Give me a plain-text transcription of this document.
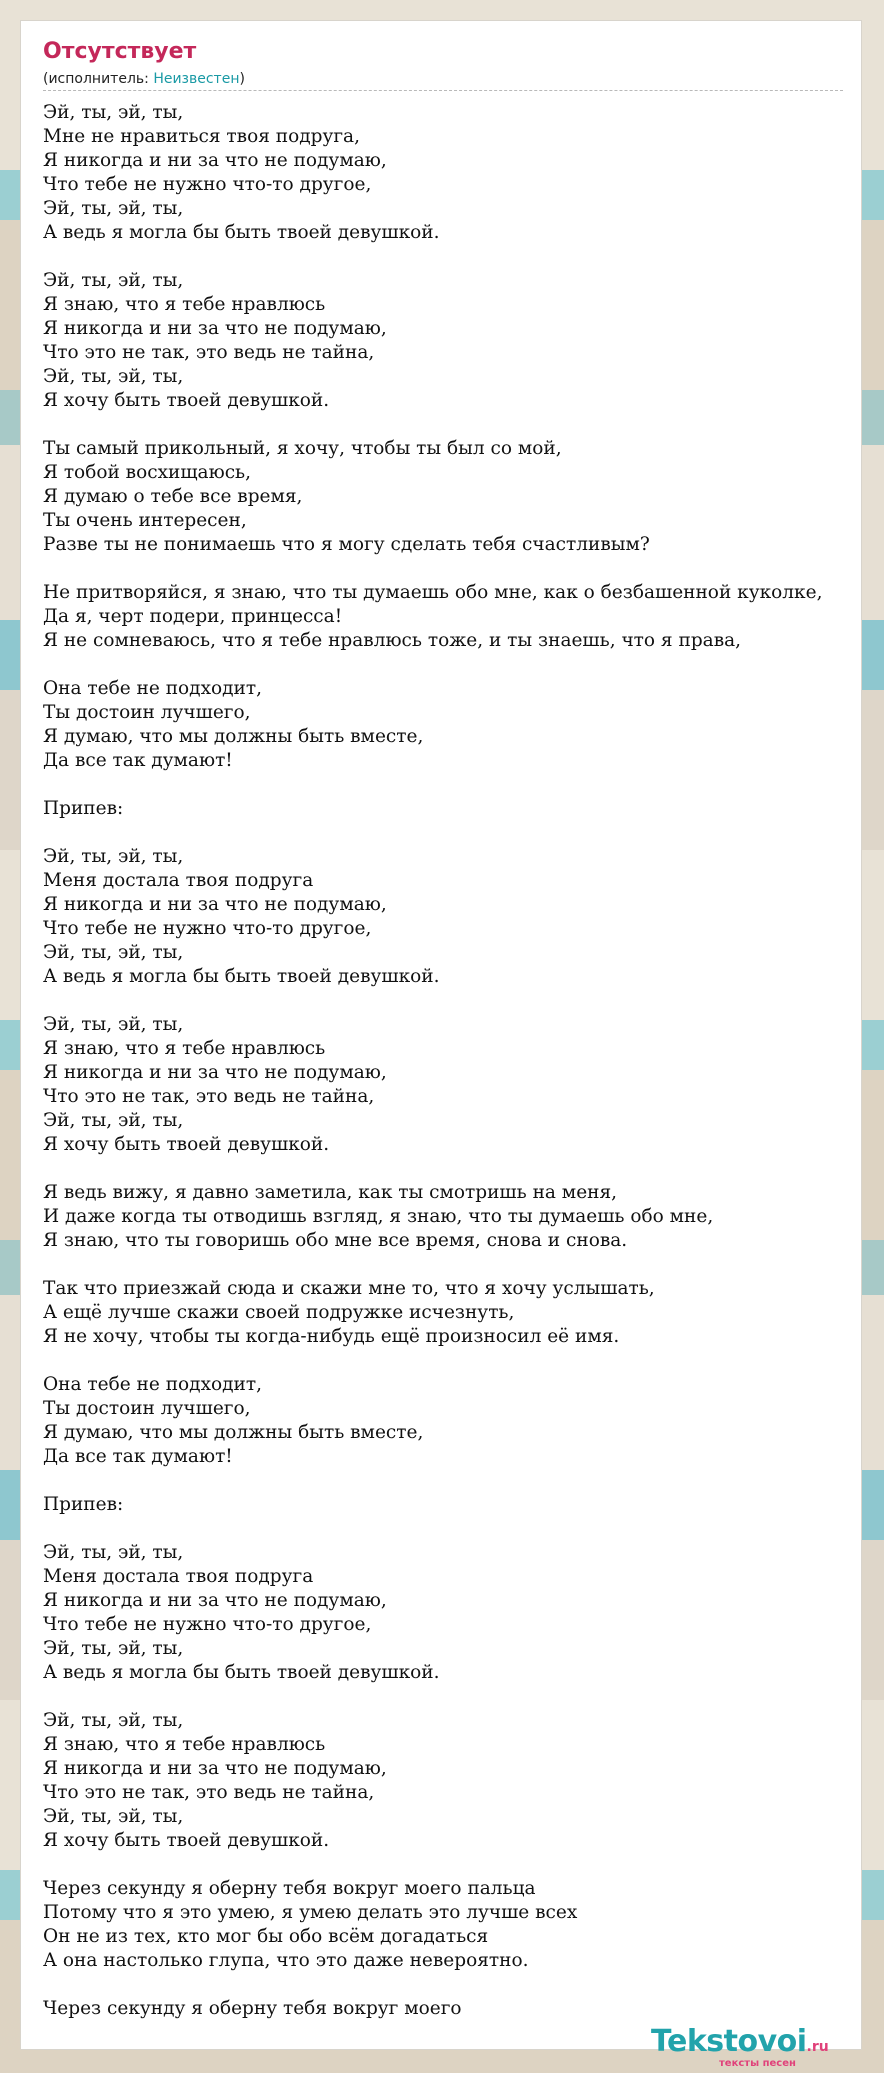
Отсутствует
(исполнитель: Неизвестен)
Эй, ты, эй, ты,
Мне не нравиться твоя подруга,
Я никогда и ни за что не подумаю,
Что тебе не нужно что-то другое,
Эй, ты, эй, ты,
А ведь я могла бы быть твоей девушкой.

Эй, ты, эй, ты,
Я знаю, что я тебе нравлюсь
Я никогда и ни за что не подумаю,
Что это не так, это ведь не тайна,
Эй, ты, эй, ты,
Я хочу быть твоей девушкой.

Ты самый прикольный, я хочу, чтобы ты был со мой,
Я тобой восхищаюсь,
Я думаю о тебе все время,
Ты очень интересен,
Разве ты не понимаешь что я могу сделать тебя счастливым?

Не притворяйся, я знаю, что ты думаешь обо мне, как о безбашенной куколке,
Да я, черт подери, принцесса!
Я не сомневаюсь, что я тебе нравлюсь тоже, и ты знаешь, что я права,

Она тебе не подходит,
Ты достоин лучшего,
Я думаю, что мы должны быть вместе,
Да все так думают!

Припев:

Эй, ты, эй, ты,
Меня достала твоя подруга
Я никогда и ни за что не подумаю,
Что тебе не нужно что-то другое,
Эй, ты, эй, ты,
А ведь я могла бы быть твоей девушкой.

Эй, ты, эй, ты,
Я знаю, что я тебе нравлюсь
Я никогда и ни за что не подумаю,
Что это не так, это ведь не тайна,
Эй, ты, эй, ты,
Я хочу быть твоей девушкой.

Я ведь вижу, я давно заметила, как ты смотришь на меня,
И даже когда ты отводишь взгляд, я знаю, что ты думаешь обо мне,
Я знаю, что ты говоришь обо мне все время, снова и снова.

Так что приезжай сюда и скажи мне то, что я хочу услышать,
А ещё лучше скажи своей подружке исчезнуть,
Я не хочу, чтобы ты когда-нибудь ещё произносил её имя.

Она тебе не подходит,
Ты достоин лучшего,
Я думаю, что мы должны быть вместе,
Да все так думают!

Припев:

Эй, ты, эй, ты,
Меня достала твоя подруга
Я никогда и ни за что не подумаю,
Что тебе не нужно что-то другое,
Эй, ты, эй, ты,
А ведь я могла бы быть твоей девушкой.

Эй, ты, эй, ты,
Я знаю, что я тебе нравлюсь
Я никогда и ни за что не подумаю,
Что это не так, это ведь не тайна,
Эй, ты, эй, ты,
Я хочу быть твоей девушкой.

Через секунду я оберну тебя вокруг моего пальца
Потому что я это умею, я умею делать это лучше всех
Он не из тех, кто мог бы обо всём догадаться
А она настолько глупа, что это даже невероятно.

Через секунду я оберну тебя вокруг моего
Tekstovoi.ru
тексты песен
